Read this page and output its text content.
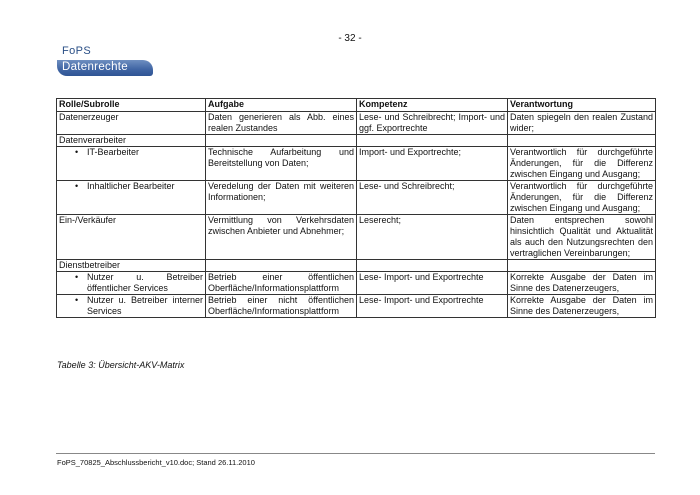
- 32 -
FoPS
Datenrechte
Rolle/Subrolle	Aufgabe	Kompetenz	Verantwortung
Datenerzeuger	Daten generieren als Abb. eines realen Zustandes	Lese- und Schreibrecht; Import- und ggf. Exportrechte	Daten spiegeln den realen Zustand wider;
Datenverarbeiter			

• IT-Bearbeiter	Technische Aufarbeitung und Bereitstellung von Daten;	Import- und Exportrechte;	Verantwortlich für durchgeführte Änderungen, für die Differenz zwischen Eingang und Ausgang;

• Inhaltlicher Bearbeiter	Veredelung der Daten mit weiteren Informationen;	Lese- und Schreibrecht;	Verantwortlich für durchgeführte Änderungen, für die Differenz zwischen Eingang und Ausgang;
Ein-/Verkäufer	Vermittlung von Verkehrsdaten zwischen Anbieter und Abnehmer;	Leserecht;	Daten entsprechen sowohl hinsichtlich Qualität und Aktualität als auch den Nutzungsrechten den vertraglichen Vereinbarungen;
Dienstbetreiber			

• Nutzer u. Betreiber öffentlicher Services	Betrieb einer öffentlichen Oberfläche/Informationsplattform	Lese- Import- und Exportrechte	Korrekte Ausgabe der Daten im Sinne des Datenerzeugers,

• Nutzer u. Betreiber interner Services	Betrieb einer nicht öffentlichen Oberfläche/Informationsplattform	Lese- Import- und Exportrechte	Korrekte Ausgabe der Daten im Sinne des Datenerzeugers,
Tabelle 3: Übersicht-AKV-Matrix
FoPS_70825_Abschlussbericht_v10.doc; Stand 26.11.2010
